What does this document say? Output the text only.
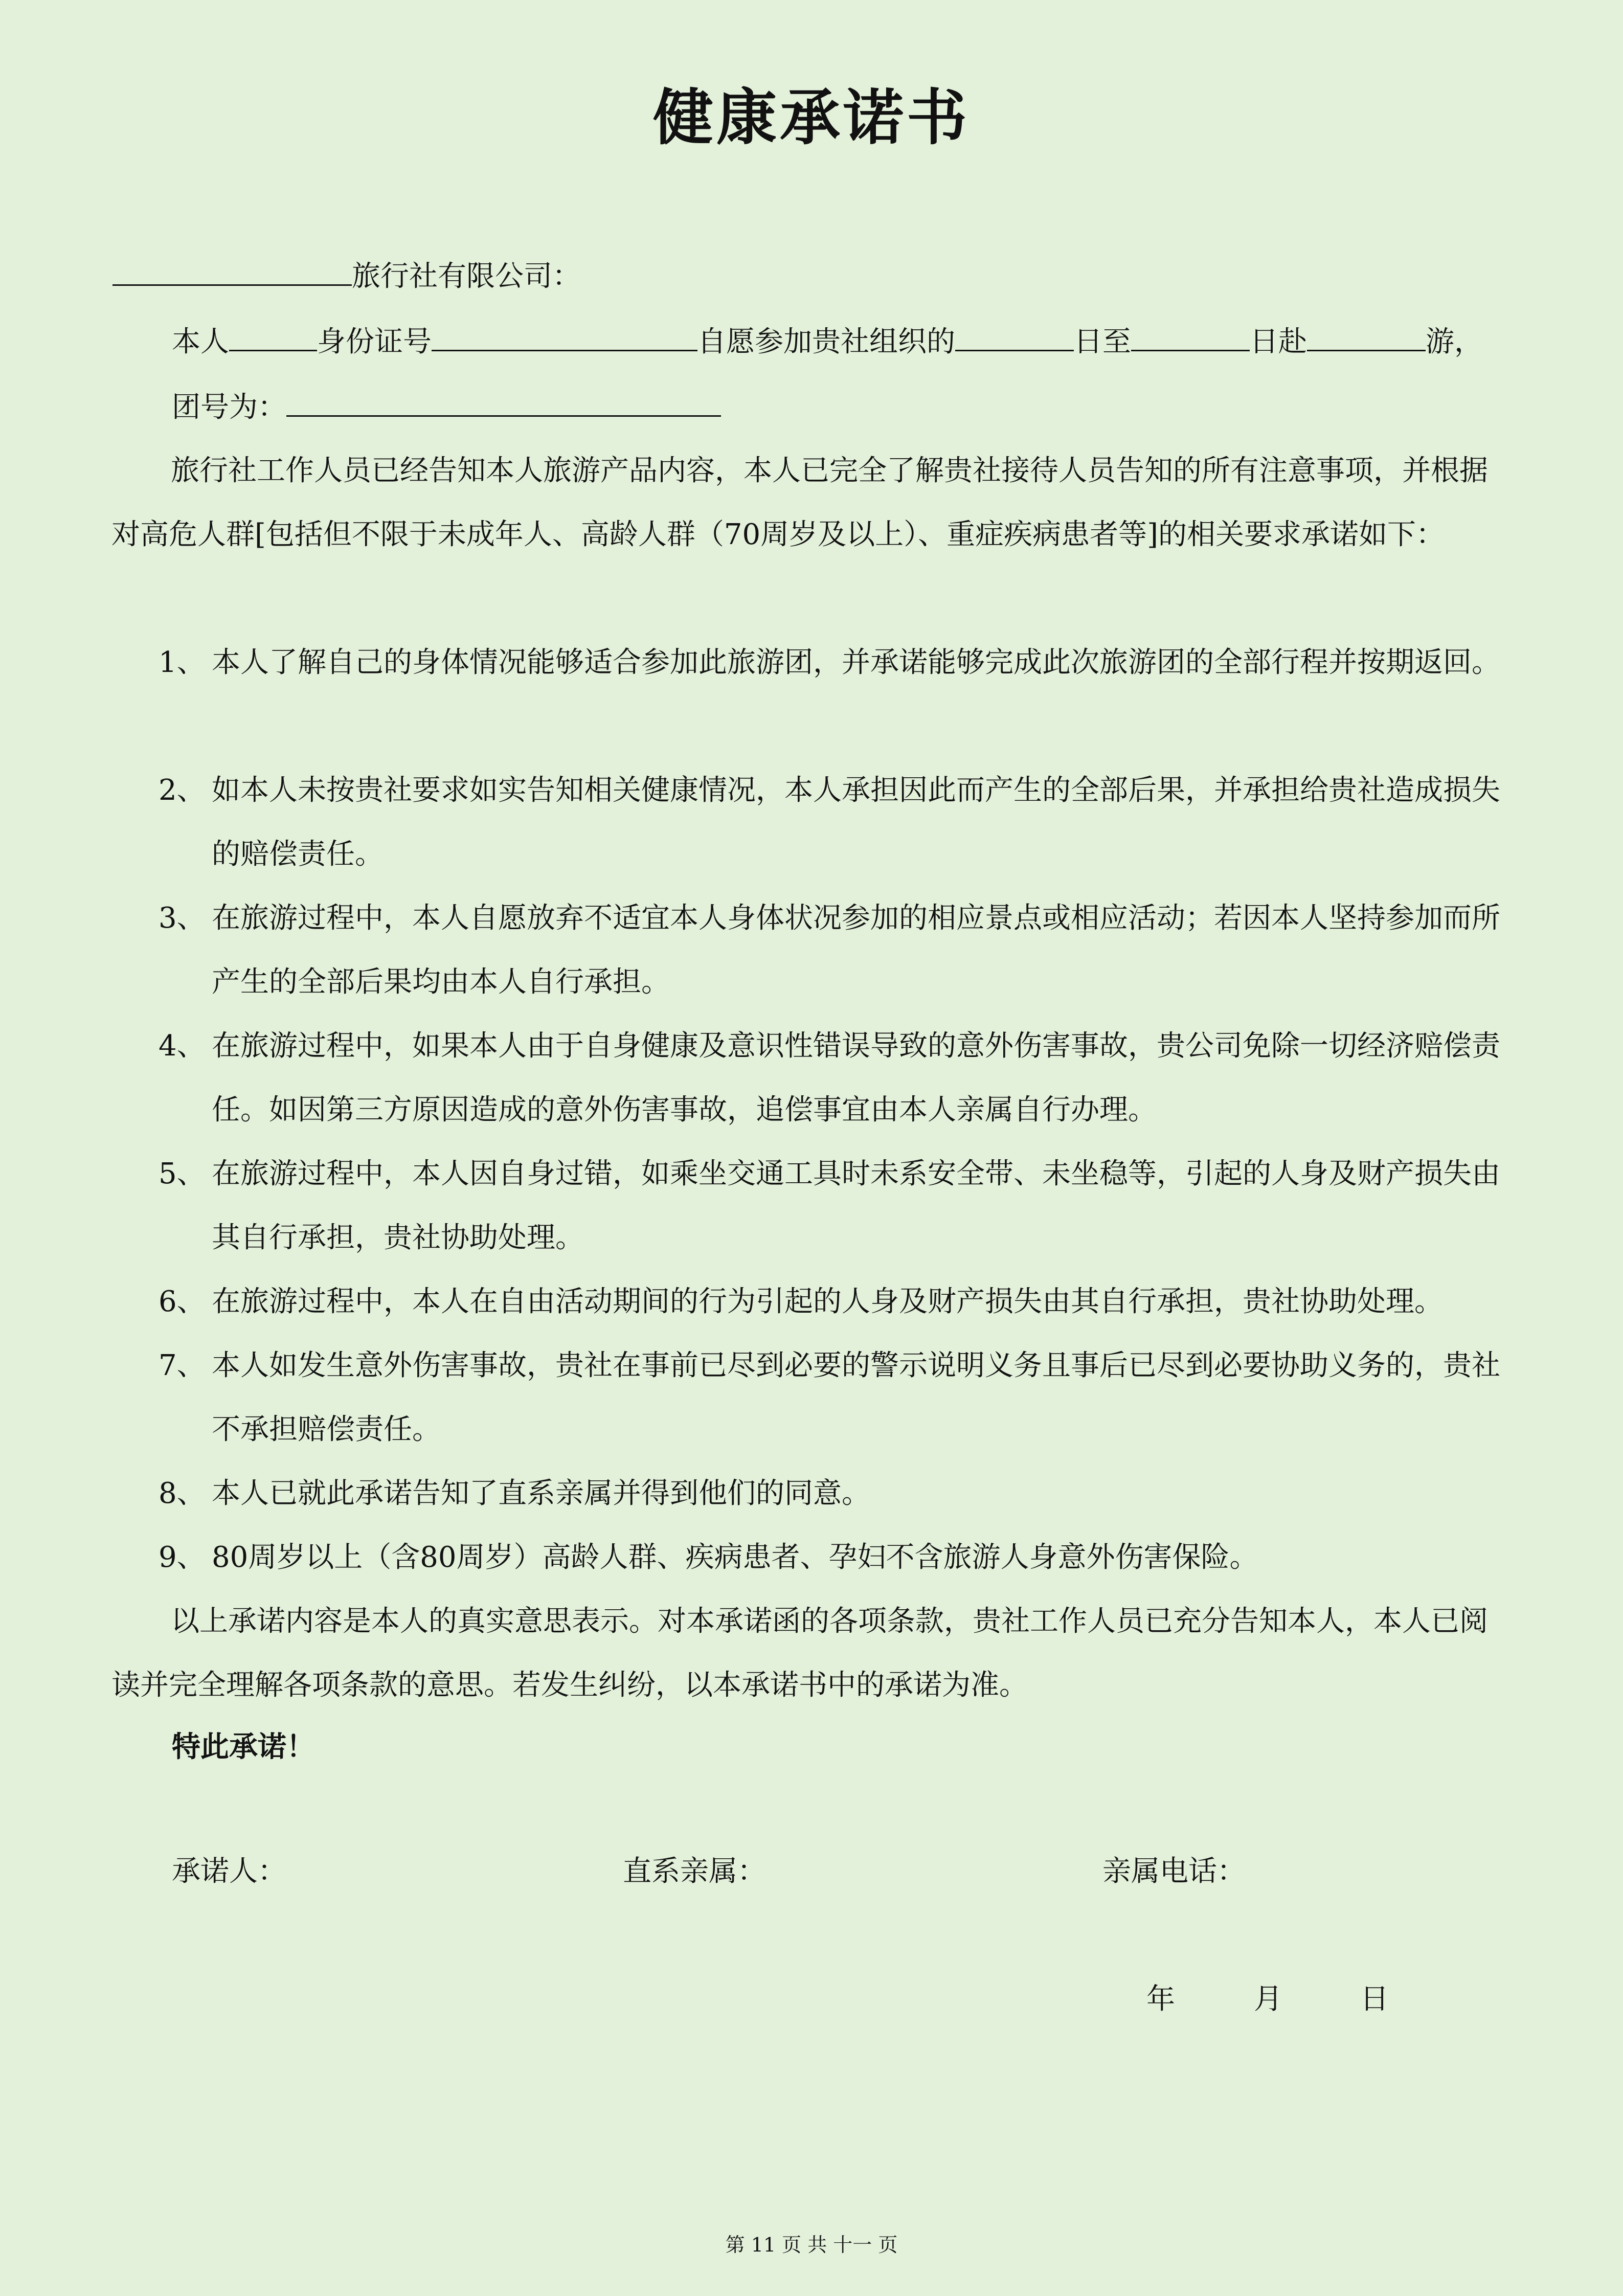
健康承诺书
旅行社有限公司：
本人	身份证号	自愿参加贵社组织的	日至	日赴	游，
团号为：
旅行社工作人员已经告知本人旅游产品内容，本人已完全了解贵社接待人员告知的所有注意事项，并根据对高危人群[包括但不限于未成年人、高龄人群（70周岁及以上）、重症疾病患者等]的相关要求承诺如下：
1、 本人了解自己的身体情况能够适合参加此旅游团，并承诺能够完成此次旅游团的全部行程并按期返回。
2、 如本人未按贵社要求如实告知相关健康情况，本人承担因此而产生的全部后果，并承担给贵社造成损失的赔偿责任。
3、 在旅游过程中，本人自愿放弃不适宜本人身体状况参加的相应景点或相应活动；若因本人坚持参加而所产生的全部后果均由本人自行承担。
4、 在旅游过程中，如果本人由于自身健康及意识性错误导致的意外伤害事故，贵公司免除一切经济赔偿责任。如因第三方原因造成的意外伤害事故，追偿事宜由本人亲属自行办理。
5、 在旅游过程中，本人因自身过错，如乘坐交通工具时未系安全带、未坐稳等，引起的人身及财产损失由其自行承担，贵社协助处理。
6、 在旅游过程中，本人在自由活动期间的行为引起的人身及财产损失由其自行承担，贵社协助处理。
7、 本人如发生意外伤害事故，贵社在事前已尽到必要的警示说明义务且事后已尽到必要协助义务的，贵社不承担赔偿责任。
8、 本人已就此承诺告知了直系亲属并得到他们的同意。
9、 80周岁以上（含80周岁）高龄人群、疾病患者、孕妇不含旅游人身意外伤害保险。
以上承诺内容是本人的真实意思表示。对本承诺函的各项条款，贵社工作人员已充分告知本人，本人已阅读并完全理解各项条款的意思。若发生纠纷，以本承诺书中的承诺为准。
特此承诺！
承诺人：	直系亲属：	亲属电话：
年	月	日
第 11 页 共 十一 页
